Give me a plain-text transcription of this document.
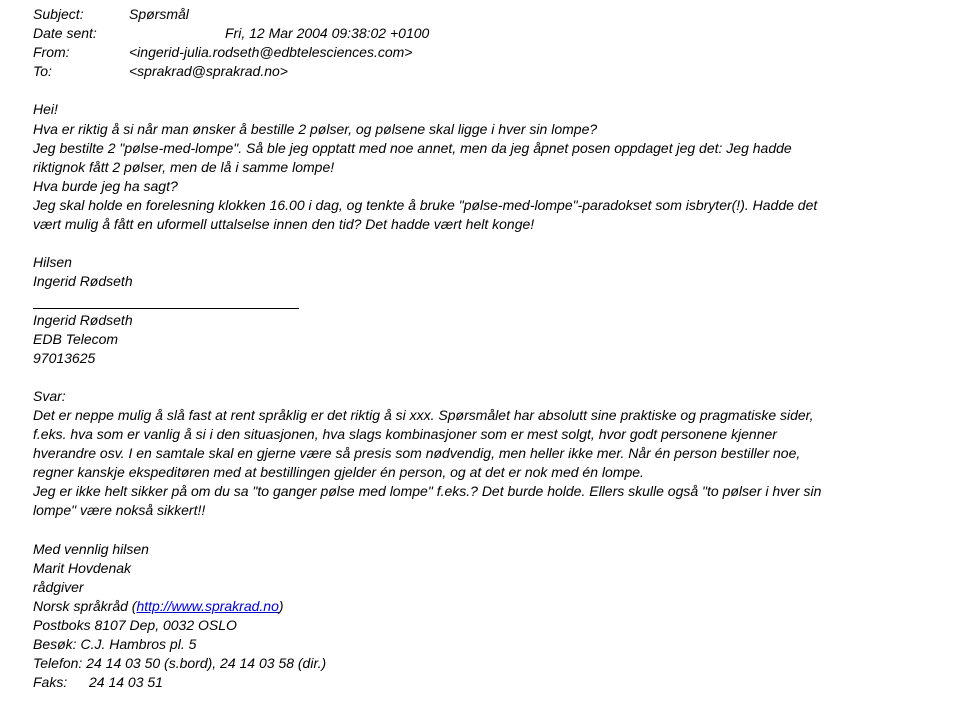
Subject:	Spørsmål
Date sent:	Fri, 12 Mar 2004 09:38:02 +0100
From:	<ingerid-julia.rodseth@edbtelesciences.com>
To:	<sprakrad@sprakrad.no>
Hei!
Hva er riktig å si når man ønsker å bestille 2 pølser, og pølsene skal ligge i hver sin lompe?
Jeg bestilte 2 "pølse-med-lompe". Så ble jeg opptatt med noe annet, men da jeg åpnet posen oppdaget jeg det: Jeg hadde
riktignok fått 2 pølser, men de lå i samme lompe!
Hva burde jeg ha sagt?
Jeg skal holde en forelesning klokken 16.00 i dag, og tenkte å bruke "pølse-med-lompe"-paradokset som isbryter(!). Hadde det
vært mulig å fått en uformell uttalselse innen den tid? Det hadde vært helt konge!
Hilsen
Ingerid Rødseth
Ingerid Rødseth
EDB Telecom
97013625
Svar:
Det er neppe mulig å slå fast at rent språklig er det riktig å si xxx. Spørsmålet har absolutt sine praktiske og pragmatiske sider,
f.eks. hva som er vanlig å si i den situasjonen, hva slags kombinasjoner som er mest solgt, hvor godt personene kjenner
hverandre osv. I en samtale skal en gjerne være så presis som nødvendig, men heller ikke mer. Når én person bestiller noe,
regner kanskje ekspeditøren med at bestillingen gjelder én person, og at det er nok med én lompe.
Jeg er ikke helt sikker på om du sa "to ganger pølse med lompe" f.eks.? Det burde holde. Ellers skulle også "to pølser i hver sin
lompe" være nokså sikkert!!
Med vennlig hilsen
Marit Hovdenak
rådgiver
Norsk språkråd (http://www.sprakrad.no)
Postboks 8107 Dep, 0032 OSLO
Besøk: C.J. Hambros pl. 5
Telefon: 24 14 03 50 (s.bord), 24 14 03 58 (dir.)
Faks: 24 14 03 51
